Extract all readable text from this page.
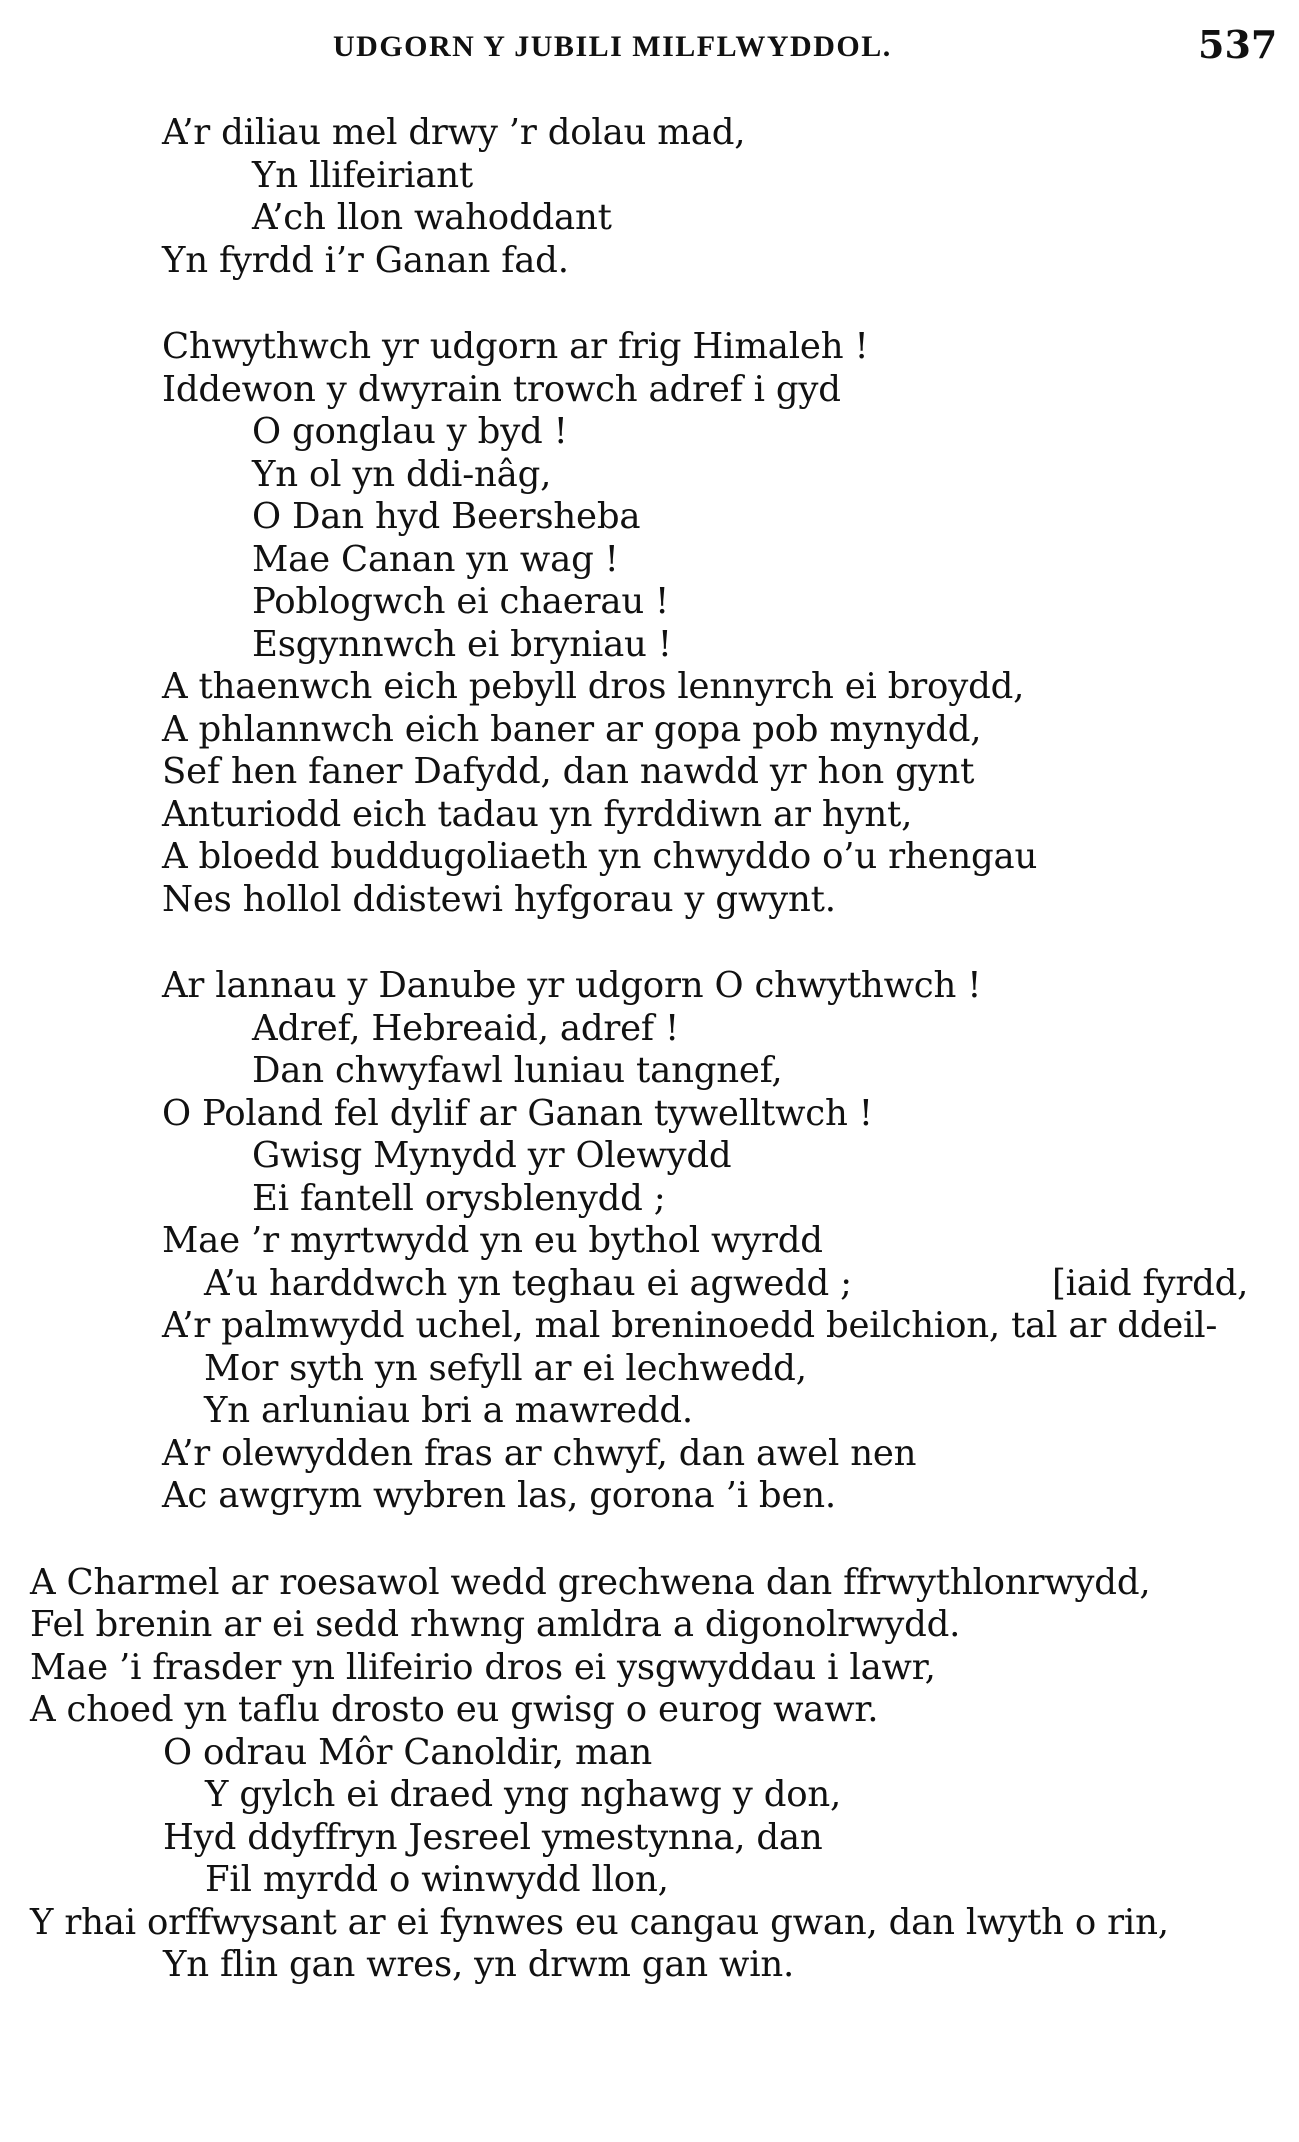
UDGORN Y JUBILI MILFLWYDDOL.	537
A’r diliau mel drwy ’r dolau mad,
Yn llifeiriant
A’ch llon wahoddant
Yn fyrdd i’r Ganan fad.
Chwythwch yr udgorn ar frig Himaleh !
Iddewon y dwyrain trowch adref i gyd
O gonglau y byd !
Yn ol yn ddi-nâg,
O Dan hyd Beersheba
Mae Canan yn wag !
Poblogwch ei chaerau !
Esgynnwch ei bryniau !
A thaenwch eich pebyll dros lennyrch ei broydd,
A phlannwch eich baner ar gopa pob mynydd,
Sef hen faner Dafydd, dan nawdd yr hon gynt
Anturiodd eich tadau yn fyrddiwn ar hynt,
A bloedd buddugoliaeth yn chwyddo o’u rhengau
Nes hollol ddistewi hyfgorau y gwynt.
Ar lannau y Danube yr udgorn O chwythwch !
Adref, Hebreaid, adref !
Dan chwyfawl luniau tangnef,
O Poland fel dylif ar Ganan tywelltwch !
Gwisg Mynydd yr Olewydd
Ei fantell orysblenydd ;
Mae ’r myrtwydd yn eu bythol wyrdd
A’u harddwch yn teghau ei agwedd ;	[iaid fyrdd,
A’r palmwydd uchel, mal breninoedd beilchion, tal ar ddeil-
Mor syth yn sefyll ar ei lechwedd,
Yn arluniau bri a mawredd.
A’r olewydden fras ar chwyf, dan awel nen
Ac awgrym wybren las, gorona ’i ben.
A Charmel ar roesawol wedd grechwena dan ffrwythlonrwydd,
Fel brenin ar ei sedd rhwng amldra a digonolrwydd.
Mae ’i frasder yn llifeirio dros ei ysgwyddau i lawr,
A choed yn taflu drosto eu gwisg o eurog wawr.
O odrau Môr Canoldir, man
Y gylch ei draed yng nghawg y don,
Hyd ddyffryn Jesreel ymestynna, dan
Fil myrdd o winwydd llon,
Y rhai orffwysant ar ei fynwes eu cangau gwan, dan lwyth o rin,
Yn flin gan wres, yn drwm gan win.
